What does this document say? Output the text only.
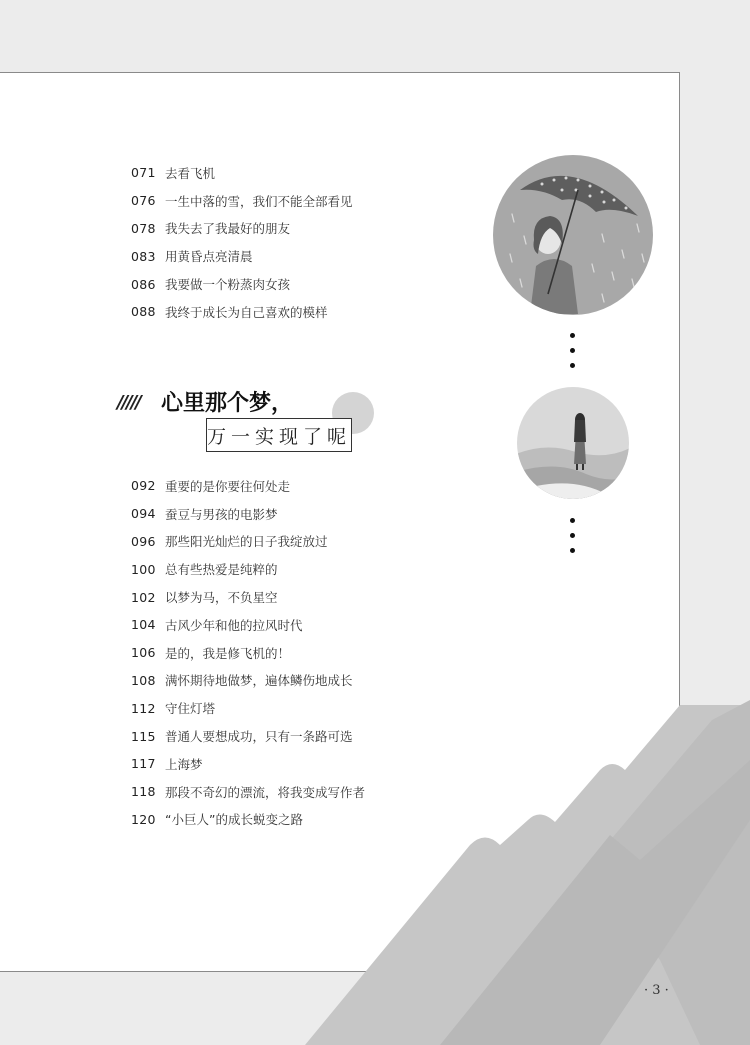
071 去看飞机
076 一生中落的雪，我们不能全部看见
078 我失去了我最好的朋友
083 用黄昏点亮清晨
086 我要做一个粉蒸肉女孩
088 我终于成长为自己喜欢的模样
///// 心里那个梦，
万一实现了呢
092 重要的是你要往何处走
094 蚕豆与男孩的电影梦
096 那些阳光灿烂的日子我绽放过
100 总有些热爱是纯粹的
102 以梦为马，不负星空
104 古风少年和他的拉风时代
106 是的，我是修飞机的！
108 满怀期待地做梦，遍体鳞伤地成长
112 守住灯塔
115 普通人要想成功，只有一条路可选
117 上海梦
118 那段不奇幻的漂流，将我变成写作者
120 “小巨人”的成长蜕变之路
· 3 ·
